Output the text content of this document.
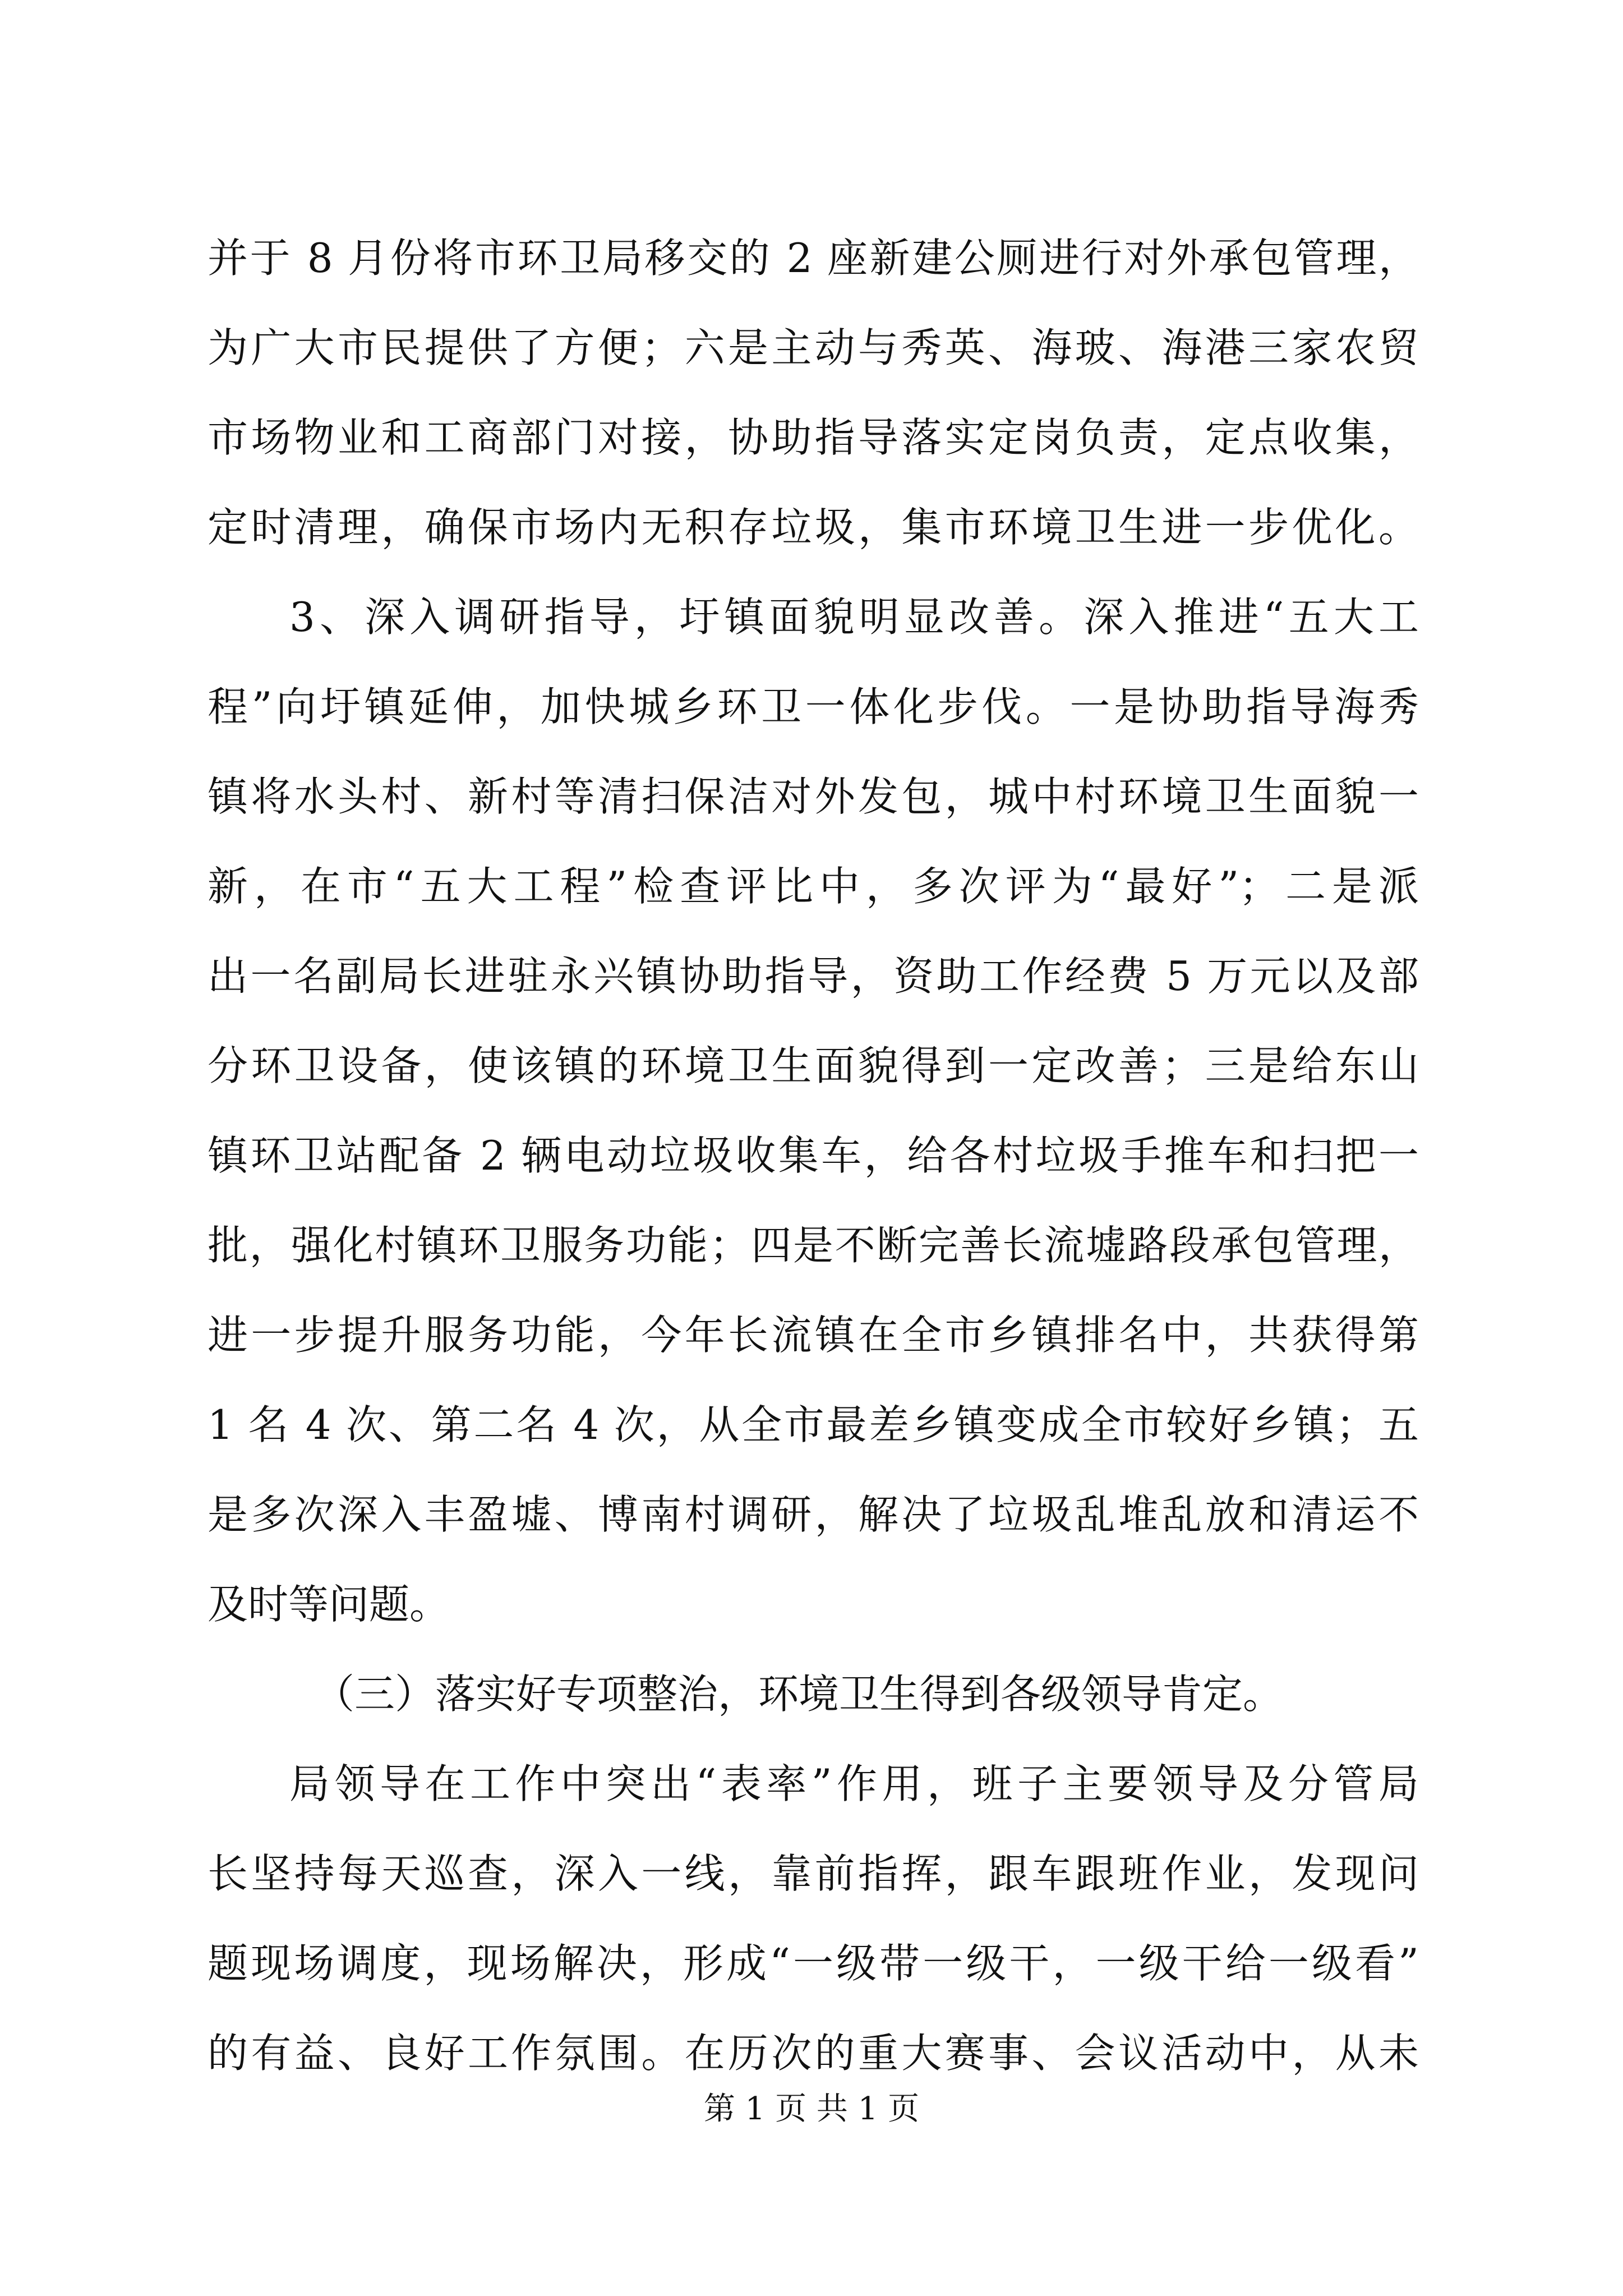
并于 8 月份将市环卫局移交的 2 座新建公厕进行对外承包管理，
为广大市民提供了方便；六是主动与秀英、海玻、海港三家农贸
市场物业和工商部门对接，协助指导落实定岗负责，定点收集，
定时清理，确保市场内无积存垃圾，集市环境卫生进一步优化。
3、深入调研指导，圩镇面貌明显改善。深入推进“五大工
程”向圩镇延伸，加快城乡环卫一体化步伐。一是协助指导海秀
镇将水头村、新村等清扫保洁对外发包，城中村环境卫生面貌一
新，在市“五大工程”检查评比中，多次评为“最好”；二是派
出一名副局长进驻永兴镇协助指导，资助工作经费 5 万元以及部
分环卫设备，使该镇的环境卫生面貌得到一定改善；三是给东山
镇环卫站配备 2 辆电动垃圾收集车，给各村垃圾手推车和扫把一
批，强化村镇环卫服务功能；四是不断完善长流墟路段承包管理，
进一步提升服务功能，今年长流镇在全市乡镇排名中，共获得第
1 名 4 次、第二名 4 次，从全市最差乡镇变成全市较好乡镇；五
是多次深入丰盈墟、博南村调研，解决了垃圾乱堆乱放和清运不
及时等问题。
（三）落实好专项整治，环境卫生得到各级领导肯定。
局领导在工作中突出“表率”作用，班子主要领导及分管局
长坚持每天巡查，深入一线，靠前指挥，跟车跟班作业，发现问
题现场调度，现场解决，形成“一级带一级干，一级干给一级看”
的有益、良好工作氛围。在历次的重大赛事、会议活动中，从未
第 1 页 共 1 页
